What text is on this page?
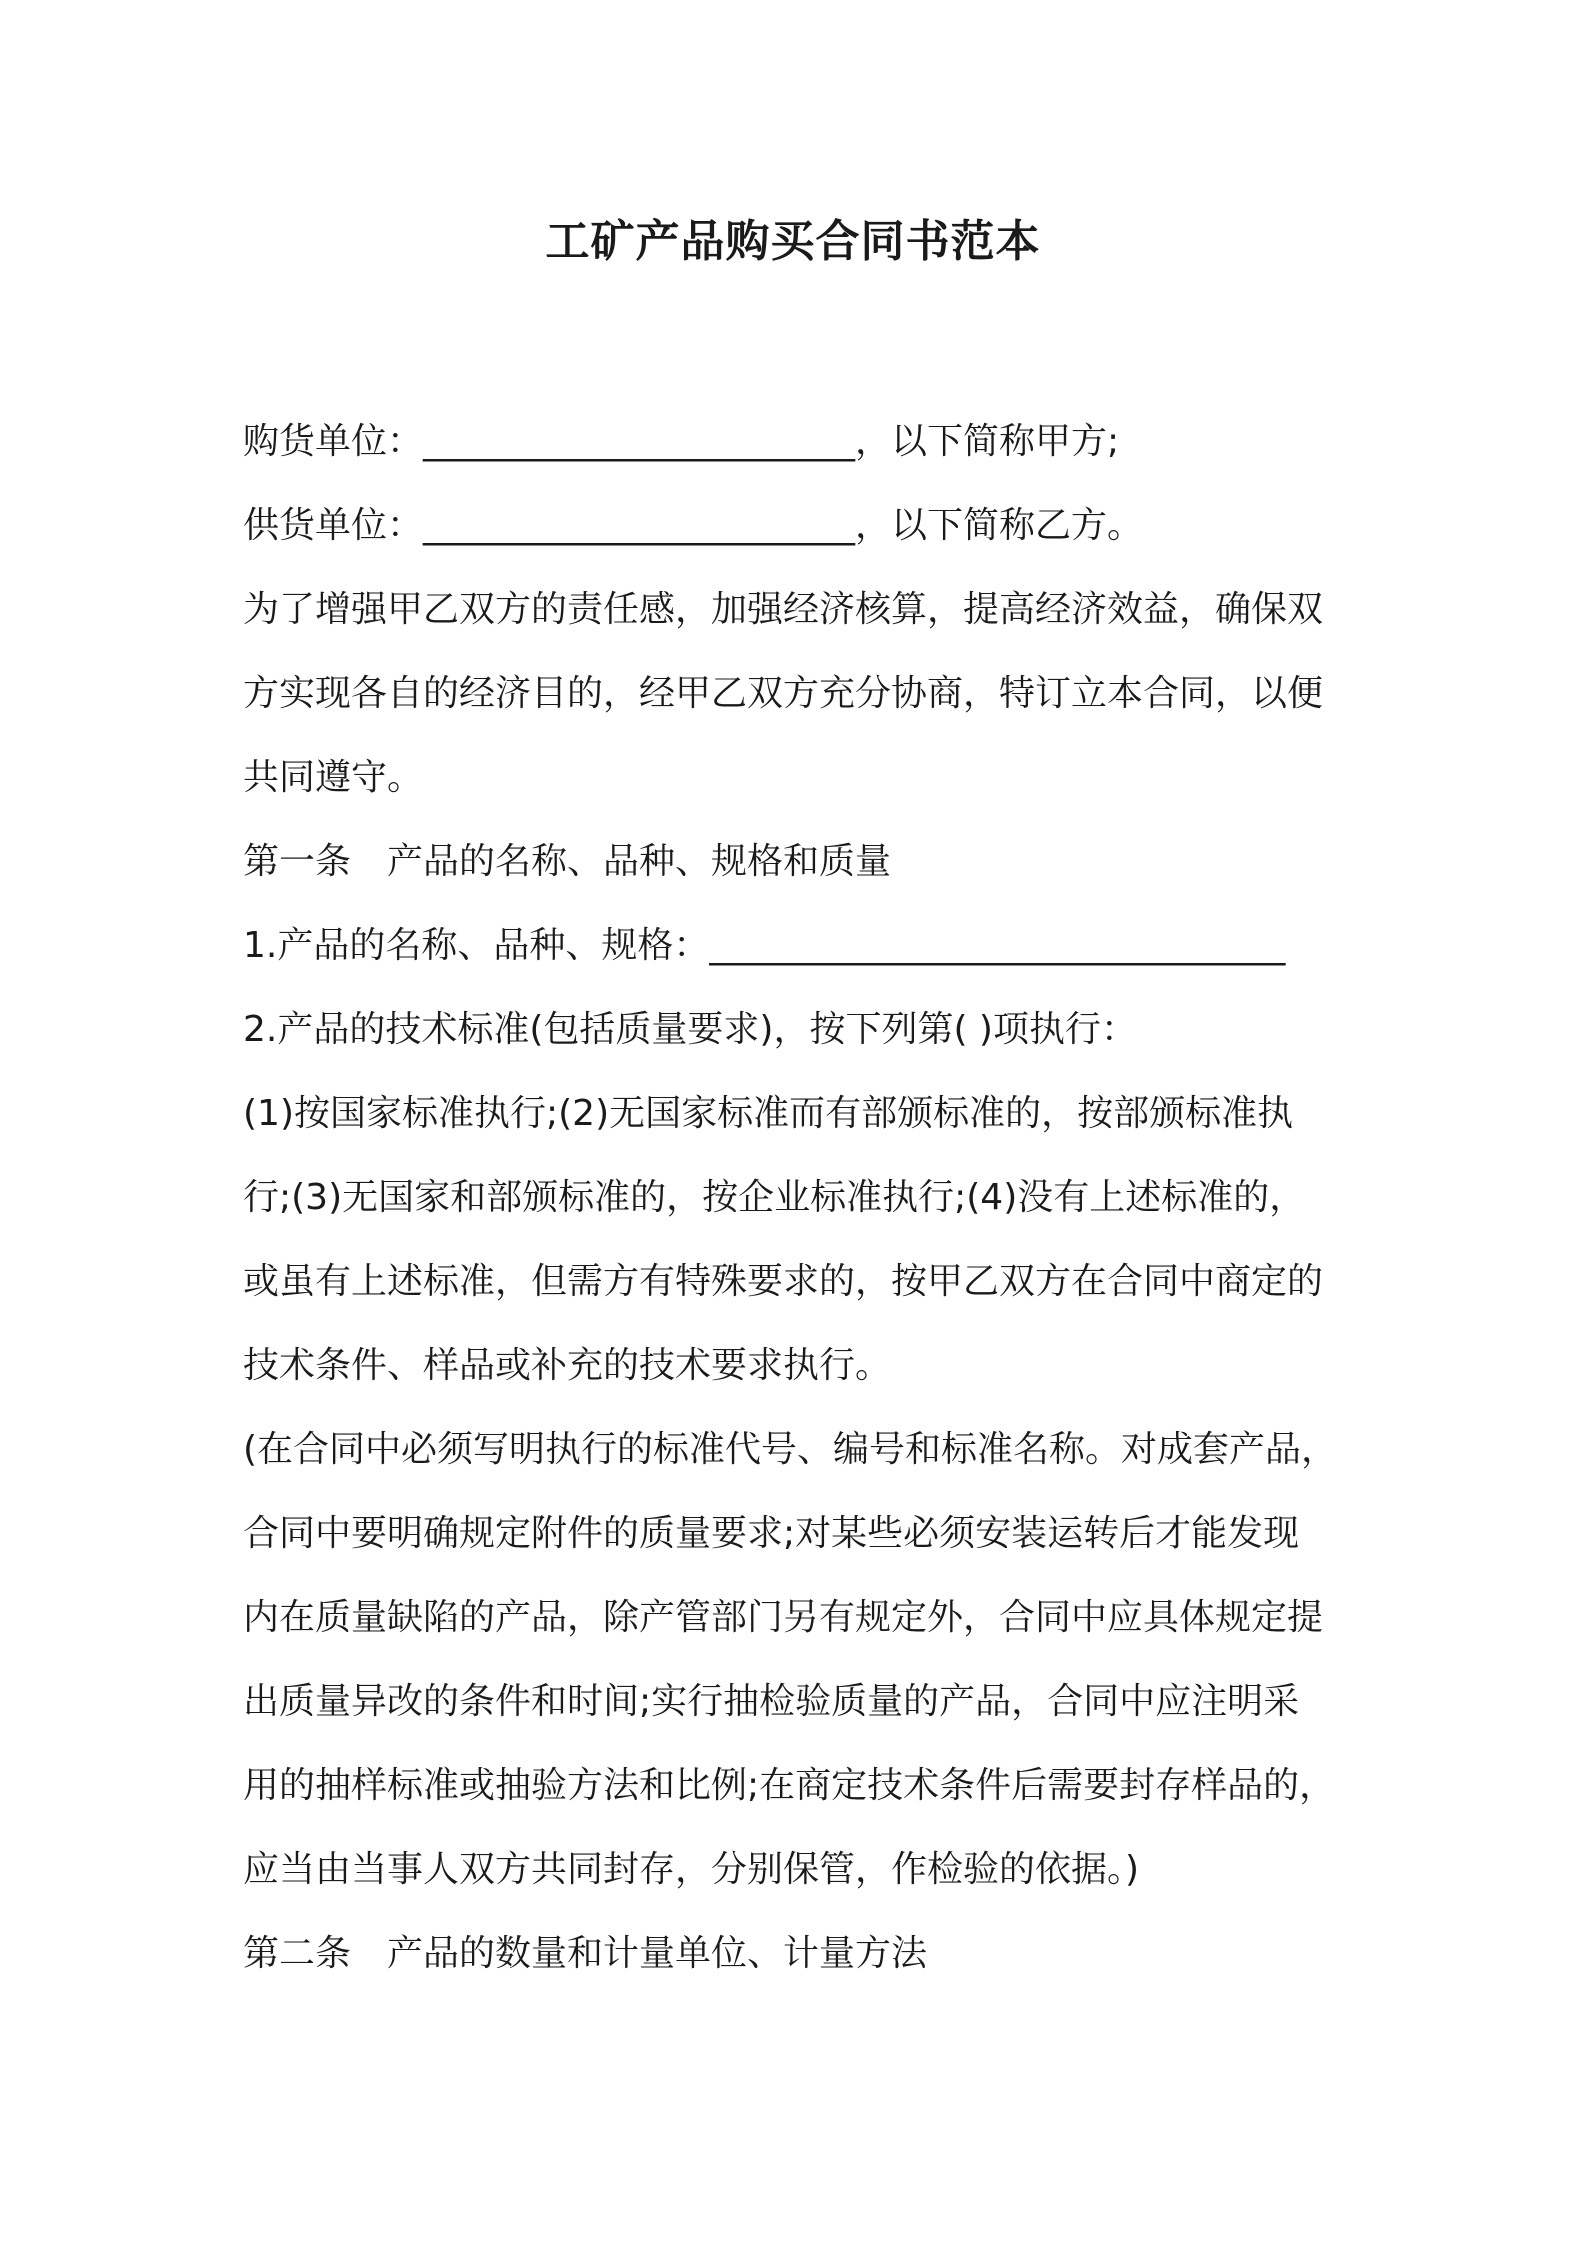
工矿产品购买合同书范本
购货单位：________________________，以下简称甲方;
供货单位：________________________，以下简称乙方。
为了增强甲乙双方的责任感，加强经济核算，提高经济效益，确保双
方实现各自的经济目的，经甲乙双方充分协商，特订立本合同，以便
共同遵守。
第一条 产品的名称、品种、规格和质量
1.产品的名称、品种、规格：________________________________
2.产品的技术标准(包括质量要求)，按下列第( )项执行：
(1)按国家标准执行;(2)无国家标准而有部颁标准的，按部颁标准执
行;(3)无国家和部颁标准的，按企业标准执行;(4)没有上述标准的，
或虽有上述标准，但需方有特殊要求的，按甲乙双方在合同中商定的
技术条件、样品或补充的技术要求执行。
(在合同中必须写明执行的标准代号、编号和标准名称。对成套产品，
合同中要明确规定附件的质量要求;对某些必须安装运转后才能发现
内在质量缺陷的产品，除产管部门另有规定外，合同中应具体规定提
出质量异改的条件和时间;实行抽检验质量的产品，合同中应注明采
用的抽样标准或抽验方法和比例;在商定技术条件后需要封存样品的，
应当由当事人双方共同封存，分别保管，作检验的依据。)
第二条 产品的数量和计量单位、计量方法
